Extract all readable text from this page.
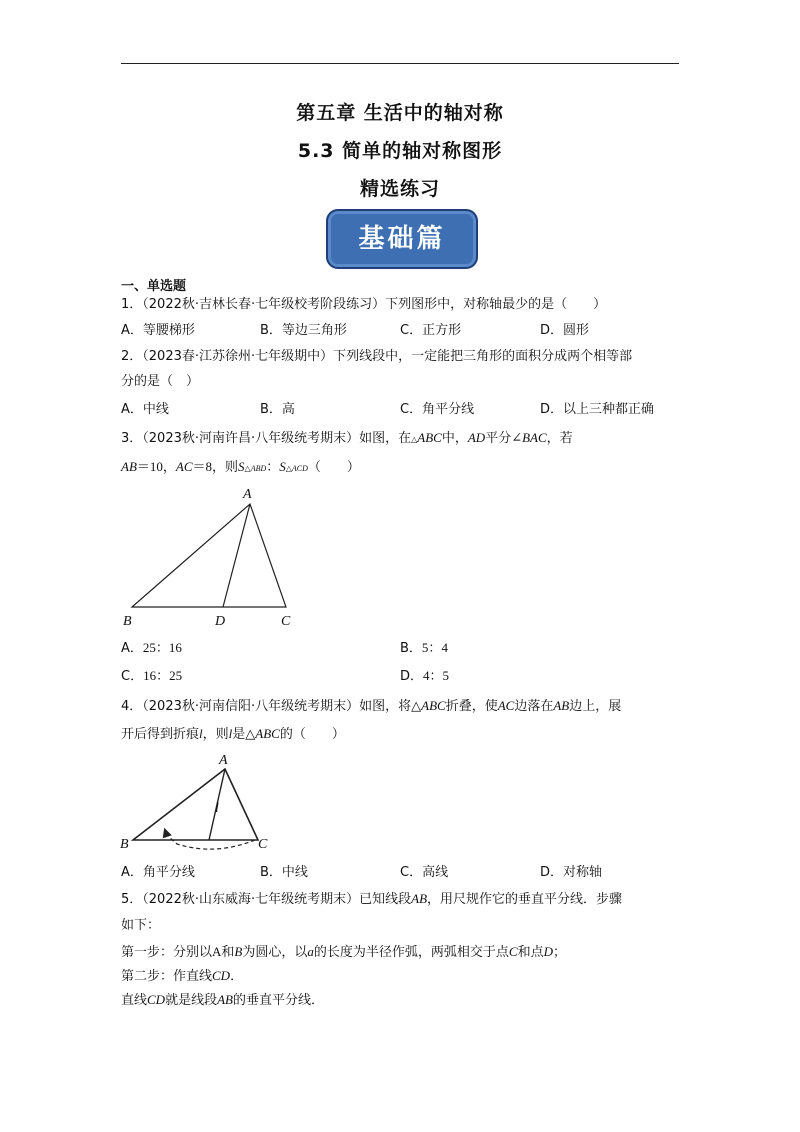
第五章 生活中的轴对称
5.3 简单的轴对称图形
精选练习
基础篇
一、单选题
1．（2022秋·吉林长春·七年级校考阶段练习）下列图形中，对称轴最少的是（　　）
A．等腰梯形	B．等边三角形	C．正方形	D．圆形
2．（2023春·江苏徐州·七年级期中）下列线段中，一定能把三角形的面积分成两个相等部
分的是（　）
A．中线	B．高	C．角平分线	D．以上三种都正确
3．（2023秋·河南许昌·八年级统考期末）如图，在△ABC中，AD平分∠BAC，若
AB＝10，AC＝8，则S△ABD：S△ACD（　　）
A
B	D	C
A．25：16	B．5：4
C．16：25	D．4：5
4．（2023秋·河南信阳·八年级统考期末）如图，将△ABC折叠，使AC边落在AB边上，展
开后得到折痕l，则l是△ABC的（　　）
A
l
B	C
A．角平分线	B．中线	C．高线	D．对称轴
5．（2022秋·山东威海·七年级统考期末）已知线段AB，用尺规作它的垂直平分线．步骤
如下：
第一步：分别以A和B为圆心，以a的长度为半径作弧，两弧相交于点C和点D；
第二步：作直线CD．
直线CD就是线段AB的垂直平分线．
